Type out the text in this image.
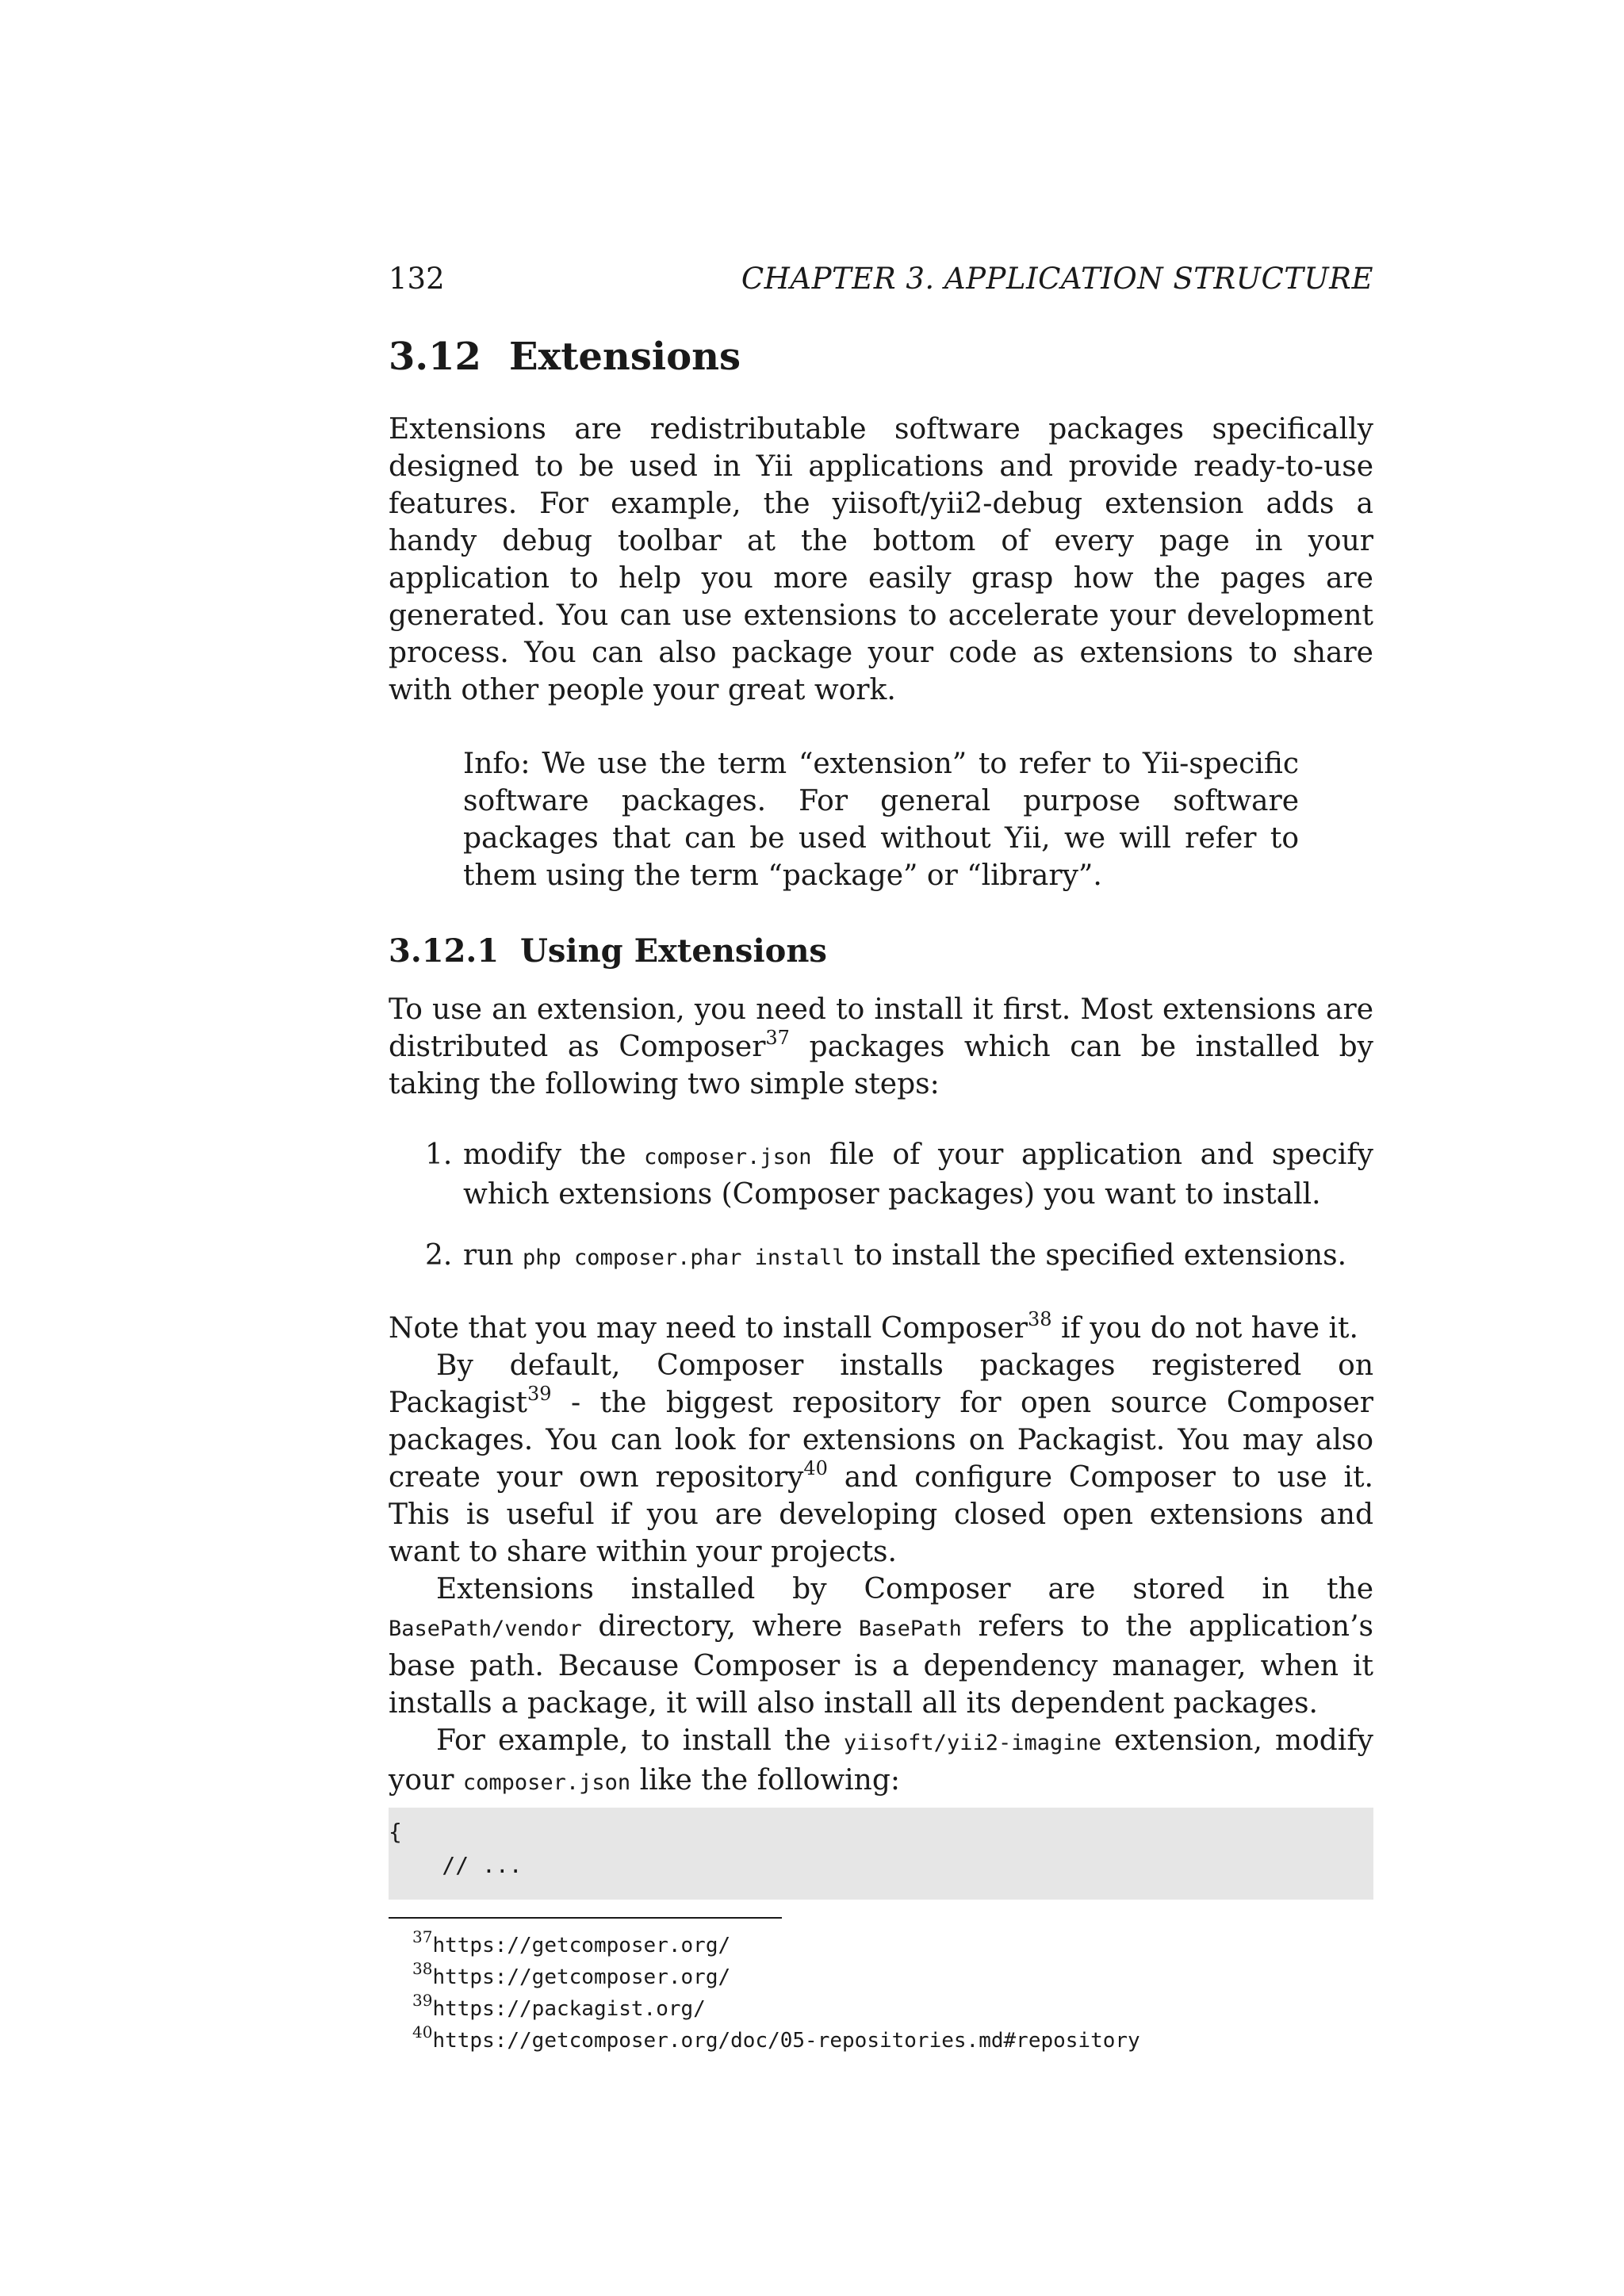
132	CHAPTER 3. APPLICATION STRUCTURE
3.12 Extensions

Extensions are redistributable software packages specifically designed to be used in Yii applications and provide ready-to-use features. For example, the yiisoft/yii2-debug extension adds a handy debug toolbar at the bottom of every page in your application to help you more easily grasp how the pages are generated. You can use extensions to accelerate your development process. You can also package your code as extensions to share with other people your great work.

Info: We use the term “extension” to refer to Yii-specific software packages. For general purpose software packages that can be used without Yii, we will refer to them using the term “package” or “library”.

3.12.1 Using Extensions

To use an extension, you need to install it first. Most extensions are distributed as Composer$^{37}$ packages which can be installed by taking the following two simple steps:

1. modify the composer.json file of your application and specify which extensions (Composer packages) you want to install.
2. run php composer.phar install to install the specified extensions.

Note that you may need to install Composer$^{38}$ if you do not have it.

By default, Composer installs packages registered on Packagist$^{39}$ - the biggest repository for open source Composer packages. You can look for extensions on Packagist. You may also create your own repository$^{40}$ and configure Composer to use it. This is useful if you are developing closed open extensions and want to share within your projects.

Extensions installed by Composer are stored in the BasePath/vendor directory, where BasePath refers to the application’s base path. Because Composer is a dependency manager, when it installs a package, it will also install all its dependent packages.

For example, to install the yiisoft/yii2-imagine extension, modify your composer.json like the following:

{
// ...
$^{37}$https://getcomposer.org/
$^{38}$https://getcomposer.org/
$^{39}$https://packagist.org/
$^{40}$https://getcomposer.org/doc/05-repositories.md#repository
